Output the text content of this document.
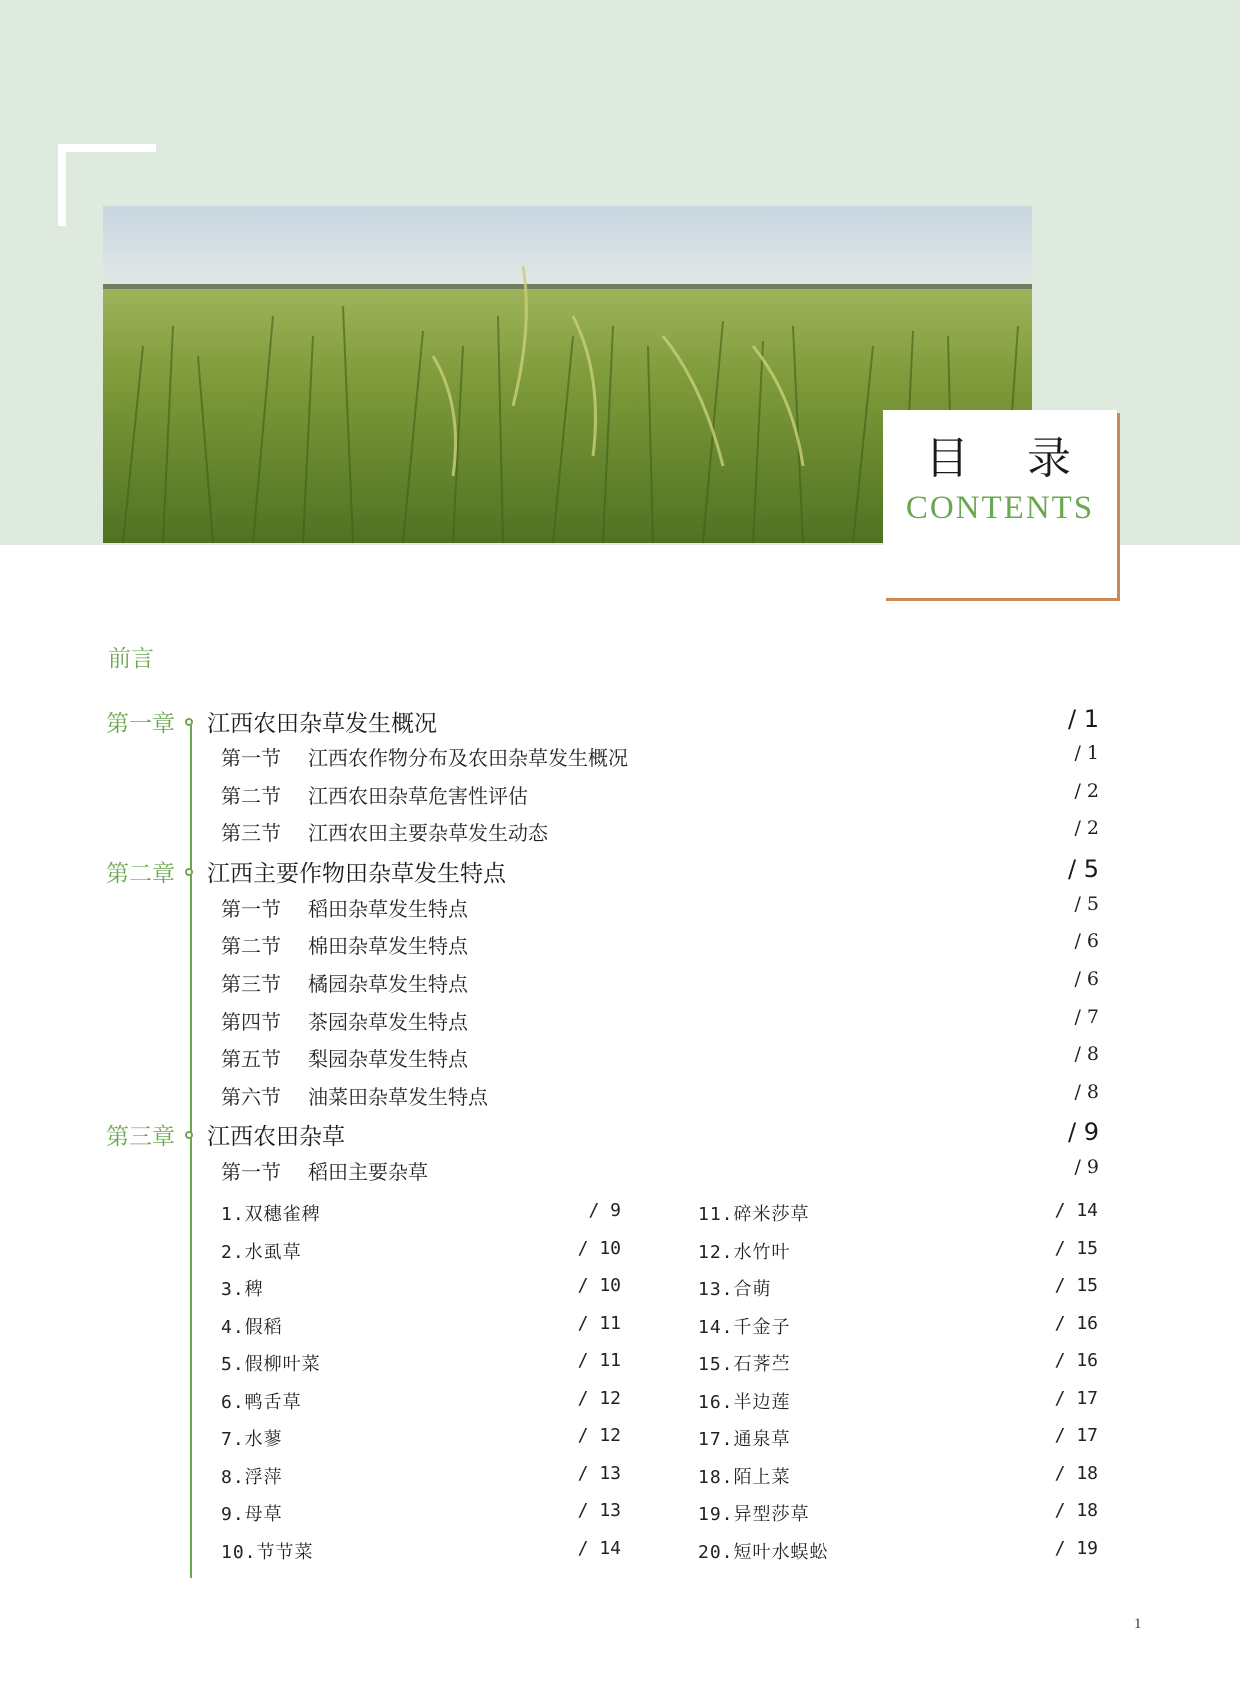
目 录
CONTENTS
前言
第一章 江西农田杂草发生概况	/ 1
第一节 江西农作物分布及农田杂草发生概况	/ 1
第二节 江西农田杂草危害性评估	/ 2
第三节 江西农田主要杂草发生动态	/ 2
第二章 江西主要作物田杂草发生特点	/ 5
第一节 稻田杂草发生特点	/ 5
第二节 棉田杂草发生特点	/ 6
第三节 橘园杂草发生特点	/ 6
第四节 茶园杂草发生特点	/ 7
第五节 梨园杂草发生特点	/ 8
第六节 油菜田杂草发生特点	/ 8
第三章 江西农田杂草	/ 9
第一节 稻田主要杂草	/ 9
1.双穗雀稗	/ 9
2.水虱草	/ 10
3.稗	/ 10
4.假稻	/ 11
5.假柳叶菜	/ 11
6.鸭舌草	/ 12
7.水蓼	/ 12
8.浮萍	/ 13
9.母草	/ 13
10.节节菜	/ 14
11.碎米莎草	/ 14
12.水竹叶	/ 15
13.合萌	/ 15
14.千金子	/ 16
15.石荠苎	/ 16
16.半边莲	/ 17
17.通泉草	/ 17
18.陌上菜	/ 18
19.异型莎草	/ 18
20.短叶水蜈蚣	/ 19
1
